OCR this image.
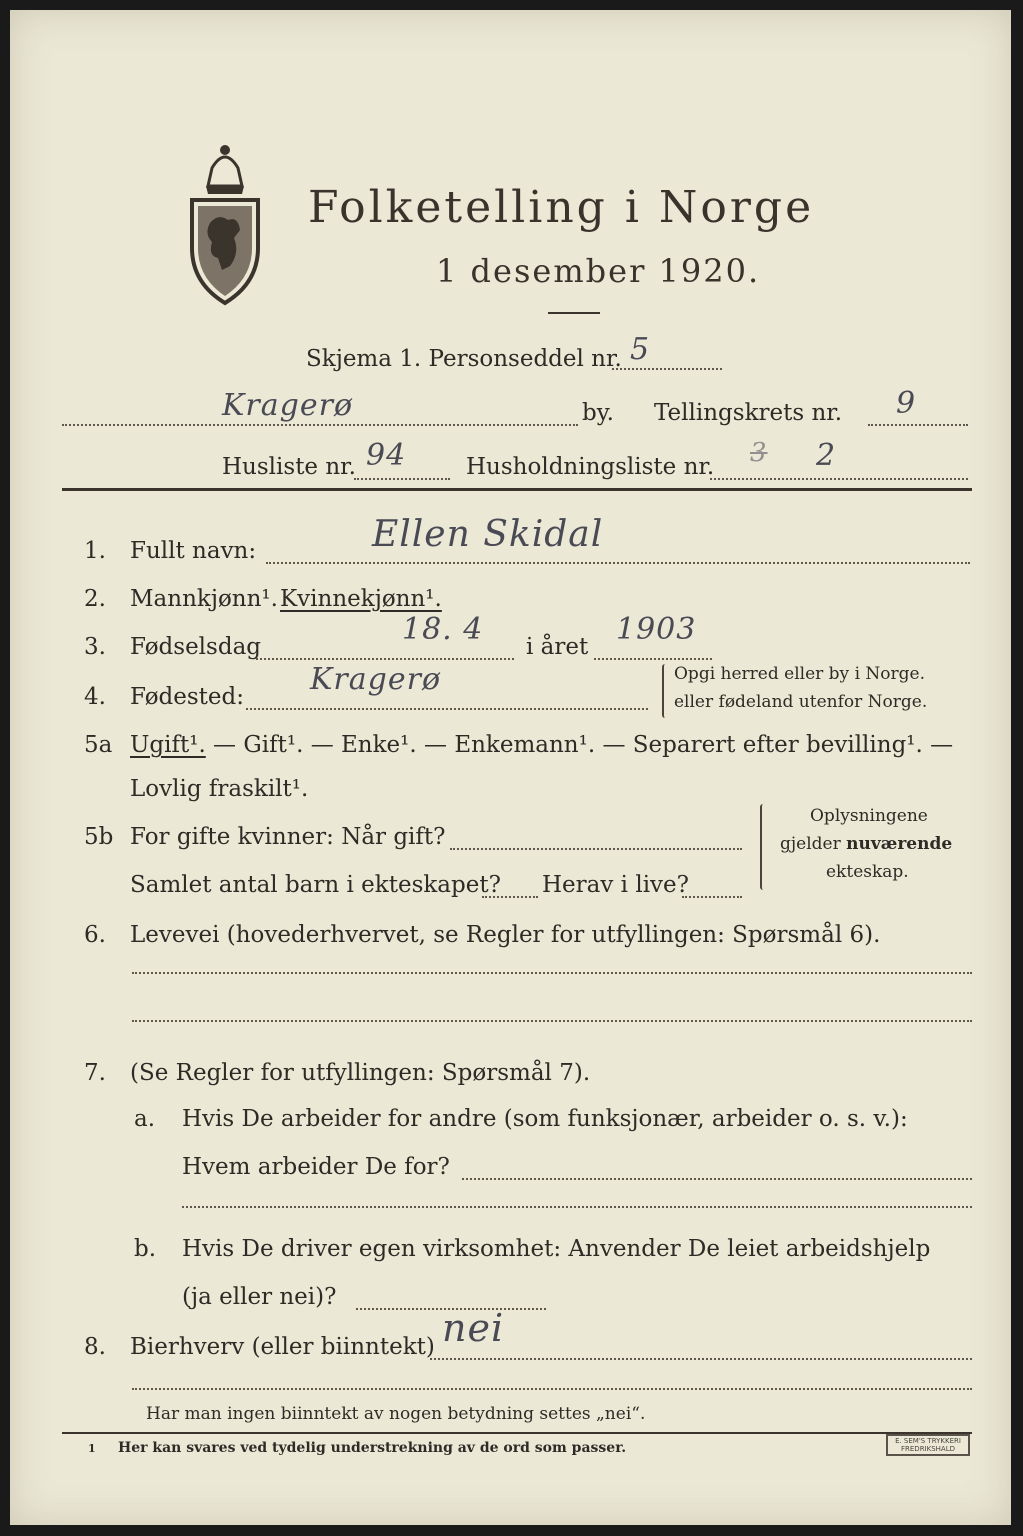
Folketelling i Norge
1 desember 1920.
Skjema 1. Personseddel nr. 5
Kragerø	by. Tellingskrets nr. 9
Husliste nr. 94	Husholdningsliste nr. 3 2
1. Fullt navn:	Ellen Skidal
2. Mannkjønn¹. Kvinnekjønn¹.
3. Fødselsdag	18. 4 i året 1903
4. Fødested: Kragerø	Opgi herred eller by i Norge.
eller fødeland utenfor Norge.
5a Ugift¹. — Gift¹. — Enke¹. — Enkemann¹. — Separert efter bevilling¹. —
Lovlig fraskilt¹.
5b For gifte kvinner: Når gift?
Samlet antal barn i ekteskapet? Herav i live?
Oplysningene
gjelder nuværende
ekteskap.
6. Levevei (hovederhvervet, se Regler for utfyllingen: Spørsmål 6).
7. (Se Regler for utfyllingen: Spørsmål 7).
a. Hvis De arbeider for andre (som funksjonær, arbeider o. s. v.):
Hvem arbeider De for?
b. Hvis De driver egen virksomhet: Anvender De leiet arbeidshjelp
(ja eller nei)?
8. Bierhverv (eller biinntekt) nei
Har man ingen biinntekt av nogen betydning settes „nei“.
1 Her kan svares ved tydelig understrekning av de ord som passer.	E. SEM'S TRYKKERI FREDRIKSHALD
